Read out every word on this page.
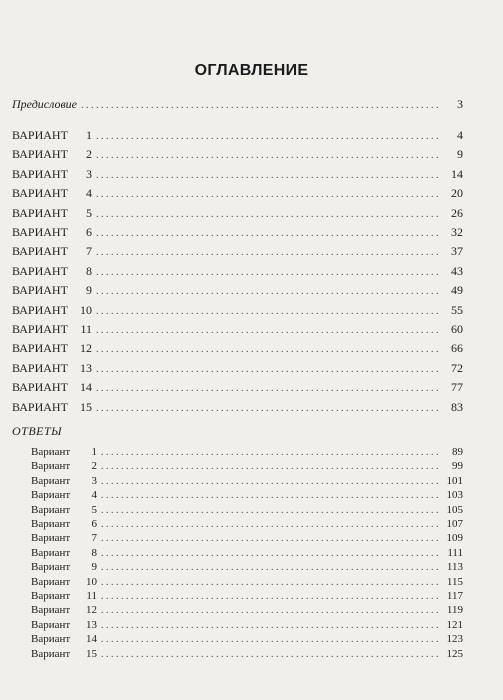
ОГЛАВЛЕНИЕ
Предисловие . . .	3
ВАРИАНТ 1 . . .	4
ВАРИАНТ 2 . . .	9
ВАРИАНТ 3 . . .	14
ВАРИАНТ 4 . . .	20
ВАРИАНТ 5 . . .	26
ВАРИАНТ 6 . . .	32
ВАРИАНТ 7 . . .	37
ВАРИАНТ 8 . . .	43
ВАРИАНТ 9 . . .	49
ВАРИАНТ 10 . . .	55
ВАРИАНТ 11 . . .	60
ВАРИАНТ 12 . . .	66
ВАРИАНТ 13 . . .	72
ВАРИАНТ 14 . . .	77
ВАРИАНТ 15 . . .	83
ОТВЕТЫ
Вариант 1 . . .	89
Вариант 2 . . .	99
Вариант 3 . . .	101
Вариант 4 . . .	103
Вариант 5 . . .	105
Вариант 6 . . .	107
Вариант 7 . . .	109
Вариант 8 . . .	111
Вариант 9 . . .	113
Вариант 10 . . .	115
Вариант 11 . . .	117
Вариант 12 . . .	119
Вариант 13 . . .	121
Вариант 14 . . .	123
Вариант 15 . . .	125
